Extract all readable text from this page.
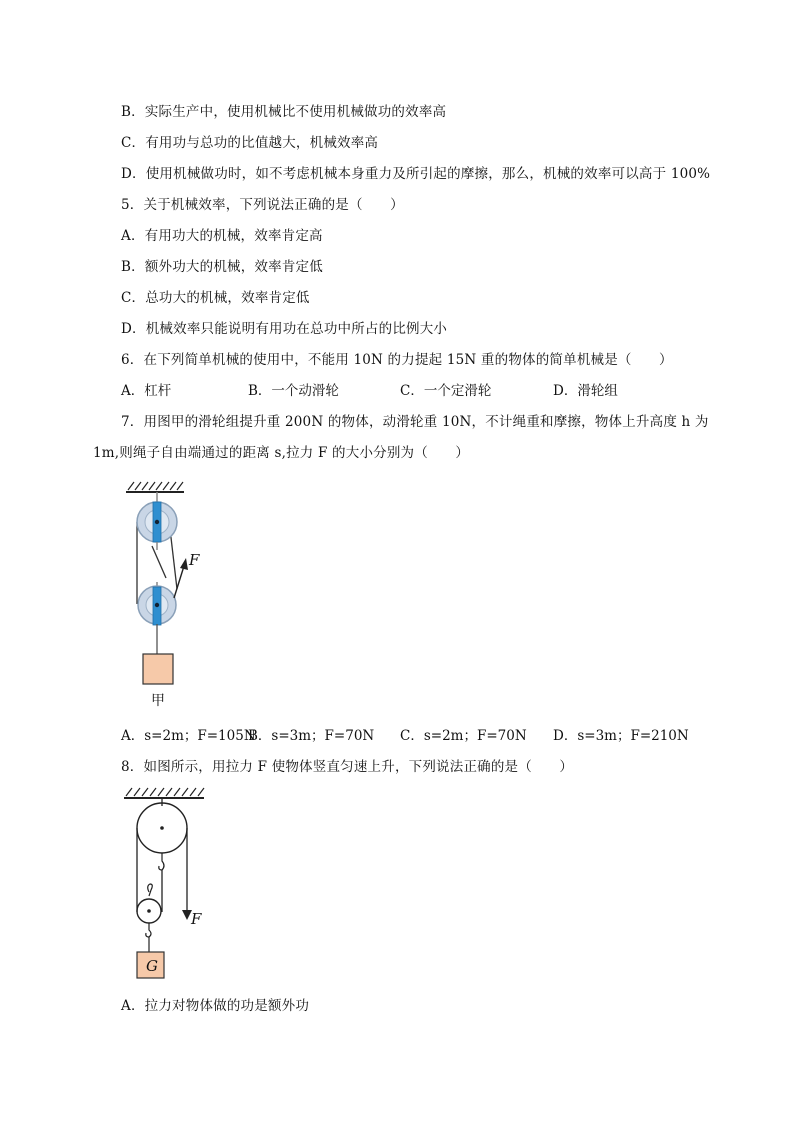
B．实际生产中，使用机械比不使用机械做功的效率高
C．有用功与总功的比值越大，机械效率高
D．使用机械做功时，如不考虑机械本身重力及所引起的摩擦，那么，机械的效率可以高于 100%
5．关于机械效率，下列说法正确的是（　　）
A．有用功大的机械，效率肯定高
B．额外功大的机械，效率肯定低
C．总功大的机械，效率肯定低
D．机械效率只能说明有用功在总功中所占的比例大小
6．在下列简单机械的使用中，不能用 10N 的力提起 15N 重的物体的简单机械是（　　）
A．杠杆	B．一个动滑轮	C．一个定滑轮	D．滑轮组
7．用图甲的滑轮组提升重 200N 的物体，动滑轮重 10N，不计绳重和摩擦，物体上升高度 h 为
1m,则绳子自由端通过的距离 s,拉力 F 的大小分别为（　　）
F
甲
A．s=2m；F=105N
B．s=3m；F=70N C．s=2m；F=70N D．s=3m；F=210N
8．如图所示，用拉力 F 使物体竖直匀速上升，下列说法正确的是（　　）
F
G
A．拉力对物体做的功是额外功
